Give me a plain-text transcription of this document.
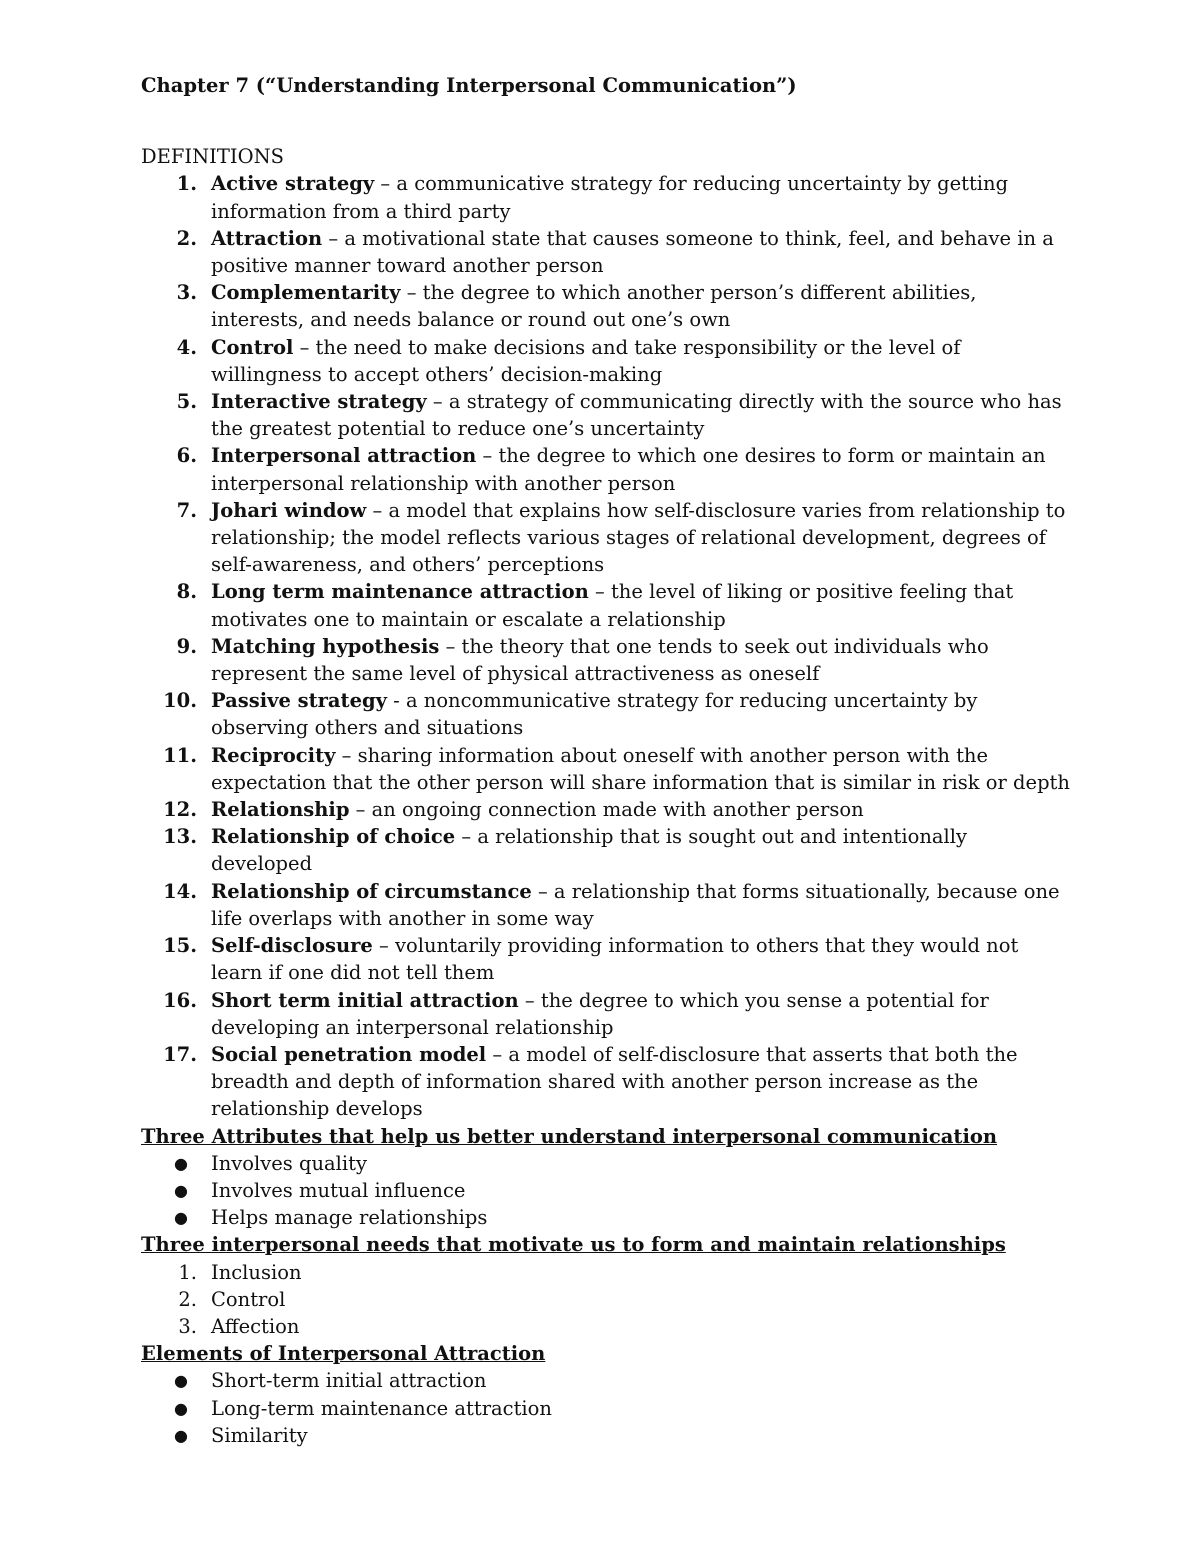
Chapter 7 (“Understanding Interpersonal Communication”)
DEFINITIONS
1. Active strategy – a communicative strategy for reducing uncertainty by getting information from a third party
2. Attraction – a motivational state that causes someone to think, feel, and behave in a positive manner toward another person
3. Complementarity – the degree to which another person’s different abilities, interests, and needs balance or round out one’s own
4. Control – the need to make decisions and take responsibility or the level of willingness to accept others’ decision-making
5. Interactive strategy – a strategy of communicating directly with the source who has the greatest potential to reduce one’s uncertainty
6. Interpersonal attraction – the degree to which one desires to form or maintain an interpersonal relationship with another person
7. Johari window – a model that explains how self-disclosure varies from relationship to relationship; the model reflects various stages of relational development, degrees of self-awareness, and others’ perceptions
8. Long term maintenance attraction – the level of liking or positive feeling that motivates one to maintain or escalate a relationship
9. Matching hypothesis – the theory that one tends to seek out individuals who represent the same level of physical attractiveness as oneself
10. Passive strategy - a noncommunicative strategy for reducing uncertainty by observing others and situations
11. Reciprocity – sharing information about oneself with another person with the expectation that the other person will share information that is similar in risk or depth
12. Relationship – an ongoing connection made with another person
13. Relationship of choice – a relationship that is sought out and intentionally developed
14. Relationship of circumstance – a relationship that forms situationally, because one life overlaps with another in some way
15. Self-disclosure – voluntarily providing information to others that they would not learn if one did not tell them
16. Short term initial attraction – the degree to which you sense a potential for developing an interpersonal relationship
17. Social penetration model – a model of self-disclosure that asserts that both the breadth and depth of information shared with another person increase as the relationship develops
Three Attributes that help us better understand interpersonal communication
● Involves quality
● Involves mutual influence
● Helps manage relationships
Three interpersonal needs that motivate us to form and maintain relationships
1. Inclusion
2. Control
3. Affection
Elements of Interpersonal Attraction
● Short-term initial attraction
● Long-term maintenance attraction
● Similarity
